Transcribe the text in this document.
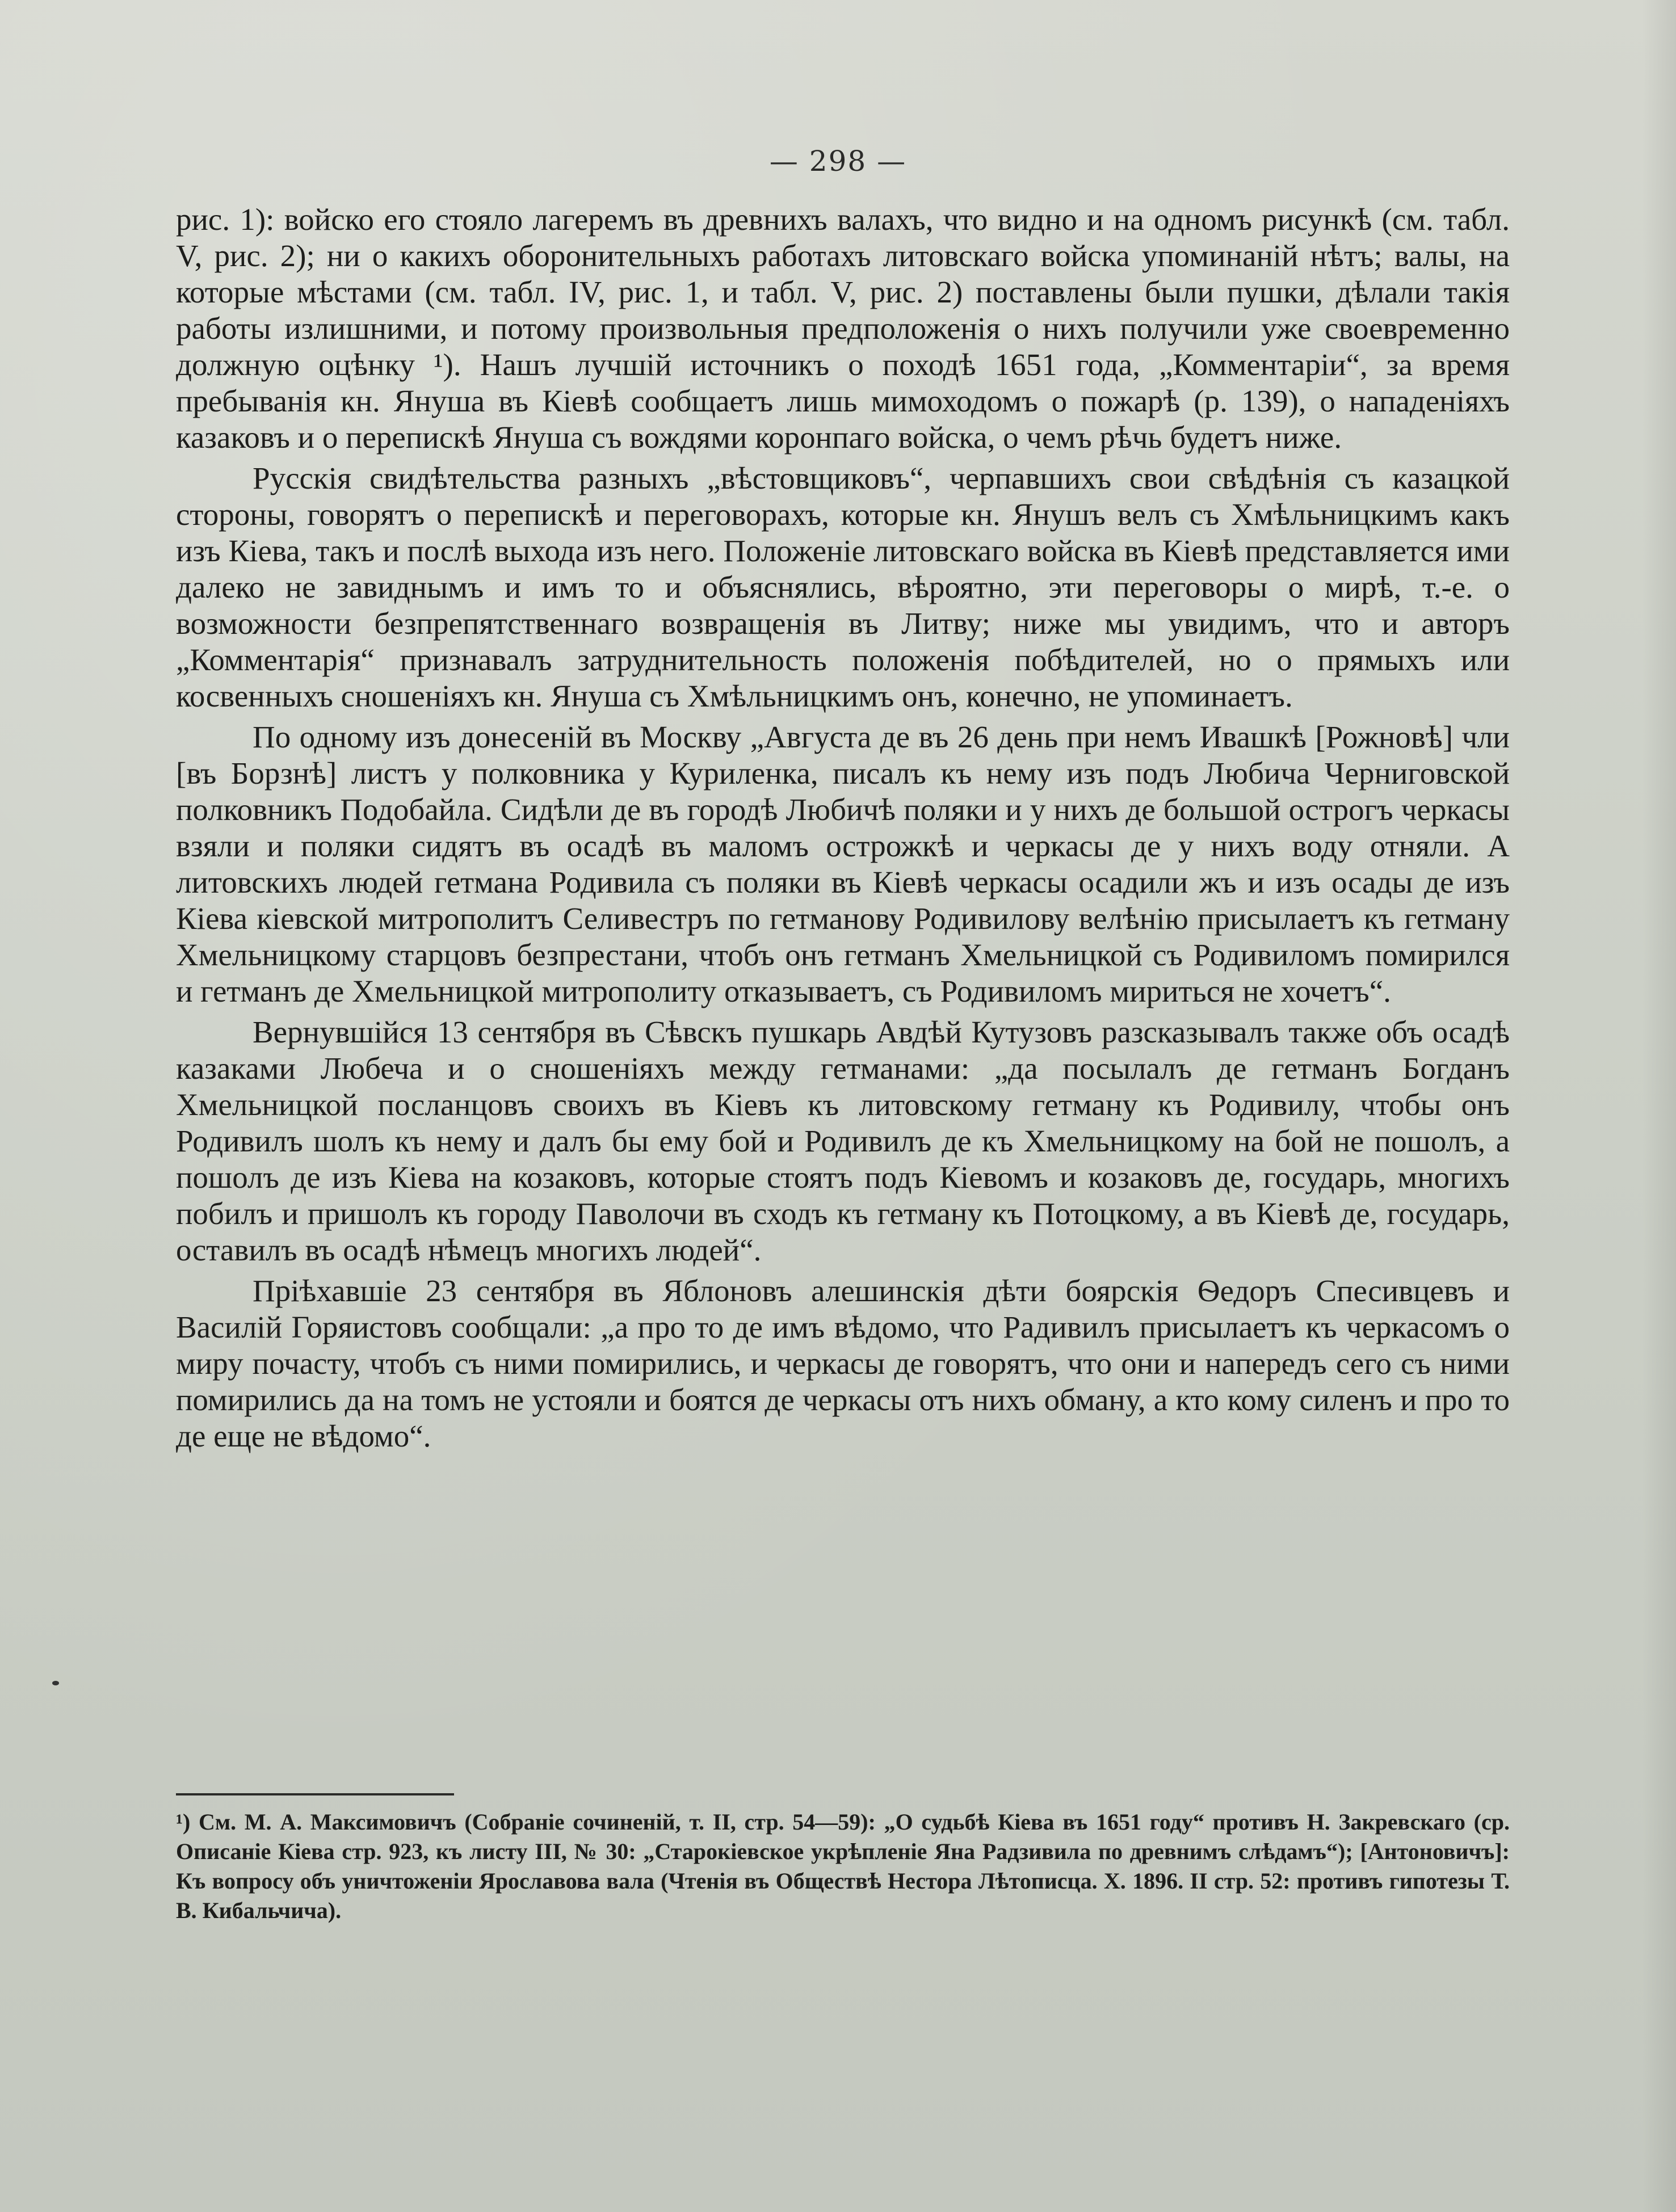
— 298 —

рис. 1): войско его стояло лагеремъ въ древнихъ валахъ, что видно и на одномъ рисункѣ (см. табл. V, рис. 2); ни о какихъ оборонительныхъ работахъ литовскаго войска упоминаній нѣтъ; валы, на которые мѣстами (см. табл. IV, рис. 1, и табл. V, рис. 2) поставлены были пушки, дѣлали такія работы излишними, и потому произвольныя предположенія о нихъ получили уже своевременно должную оцѣнку ¹). Нашъ лучшій источникъ о походѣ 1651 года, „Комментаріи“, за время пребыванія кн. Януша въ Кіевѣ сообщаетъ лишь мимоходомъ о пожарѣ (р. 139), о нападеніяхъ казаковъ и о перепискѣ Януша съ вождями коронпаго войска, о чемъ рѣчь будетъ ниже.

Русскія свидѣтельства разныхъ „вѣстовщиковъ“, черпавшихъ свои свѣдѣнія съ казацкой стороны, говорятъ о перепискѣ и переговорахъ, которые кн. Янушъ велъ съ Хмѣльницкимъ какъ изъ Кіева, такъ и послѣ выхода изъ него. Положеніе литовскаго войска въ Кіевѣ представляется ими далеко не завиднымъ и имъ то и объяснялись, вѣроятно, эти переговоры о мирѣ, т.-е. о возможности безпрепятственнаго возвращенія въ Литву; ниже мы увидимъ, что и авторъ „Комментарія“ признавалъ затруднительность положенія побѣдителей, но о прямыхъ или косвенныхъ сношеніяхъ кн. Януша съ Хмѣльницкимъ онъ, конечно, не упоминаетъ.

По одному изъ донесеній въ Москву „Августа де въ 26 день при немъ Ивашкѣ [Рожновѣ] чли [въ Борзнѣ] листъ у полковника у Куриленка, писалъ къ нему изъ подъ Любича Черниговской полковникъ Подобайла. Сидѣли де въ городѣ Любичѣ поляки и у нихъ де большой острогъ черкасы взяли и поляки сидятъ въ осадѣ въ маломъ острожкѣ и черкасы де у нихъ воду отняли. А литовскихъ людей гетмана Родивила съ поляки въ Кіевѣ черкасы осадили жъ и изъ осады де изъ Кіева кіевской митрополитъ Селивестръ по гетманову Родивилову велѣнію присылаетъ къ гетману Хмельницкому старцовъ безпрестани, чтобъ онъ гетманъ Хмельницкой съ Родивиломъ помирился и гетманъ де Хмельницкой митрополиту отказываетъ, съ Родивиломъ мириться не хочетъ“.

Вернувшійся 13 сентября въ Сѣвскъ пушкарь Авдѣй Кутузовъ разсказывалъ также объ осадѣ казаками Любеча и о сношеніяхъ между гетманами: „да посылалъ де гетманъ Богданъ Хмельницкой посланцовъ своихъ въ Кіевъ къ литовскому гетману къ Родивилу, чтобы онъ Родивилъ шолъ къ нему и далъ бы ему бой и Родивилъ де къ Хмельницкому на бой не пошолъ, а пошолъ де изъ Кіева на козаковъ, которые стоятъ подъ Кіевомъ и козаковъ де, государь, многихъ побилъ и пришолъ къ городу Паволочи въ сходъ къ гетману къ Потоцкому, а въ Кіевѣ де, государь, оставилъ въ осадѣ нѣмецъ многихъ людей“.

Пріѣхавшіе 23 сентября въ Яблоновъ алешинскія дѣти боярскія Ѳедоръ Спесивцевъ и Василій Горяистовъ сообщали: „а про то де имъ вѣдомо, что Радивилъ присылаетъ къ черкасомъ о миру почасту, чтобъ съ ними помирились, и черкасы де говорятъ, что они и напередъ сего съ ними помирились да на томъ не устояли и боятся де черкасы отъ нихъ обману, а кто кому силенъ и про то де еще не вѣдомо“.

¹) См. М. А. Максимовичъ (Собраніе сочиненій, т. II, стр. 54—59): „О судьбѣ Кіева въ 1651 году“ противъ Н. Закревскаго (ср. Описаніе Кіева стр. 923, къ листу III, № 30: „Старокіевское укрѣпленіе Яна Радзивила по древнимъ слѣдамъ“); [Антоновичъ]: Къ вопросу объ уничтоженіи Ярославова вала (Чтенія въ Обществѣ Нестора Лѣтописца. X. 1896. II стр. 52: противъ гипотезы Т. В. Кибальчича).
